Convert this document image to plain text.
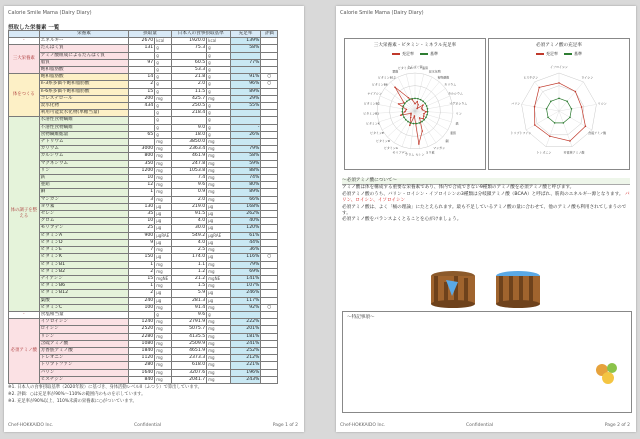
Calorie Smile Mama (Dairy Diary)
摂取した栄養素 一覧
	栄養素	摂取量		日本人の食事摂取基準		充足率	評価
-	エネルギー	2670	kcal	1920.0	kcal	139%	
三大栄養素	たんぱく質	131	g	75.3	g	58%	
	アミノ酸組成によるたんぱく質		g		g		
	脂質	97	g	60.5	g	77%	
	飽和脂肪酸		g	53.3	g		
体をつくる	飽和脂肪酸	14	g	21.8	g	91%	○
	n-3系多価不飽和脂肪酸	2	g	2.0	g	96%	○
	n-6系多価不飽和脂肪酸	15	g	11.5	g	89%	
	コレステロール	200	mg	425.7	mg	29%	
	炭水化物	434	g	250.5	g	55%	
	利用可能炭水化物(単糖当量)		g	218.4	g		
体の調子を整える	水溶性食物繊維		g		g		
	不溶性食物繊維		g	9.0	g	-	
	食物繊維総量	65	g	18.0	g	26%	
	ナトリウム		mg	3850.0	mg		
	カリウム	3000	mg	2363.4	mg	79%	
	カルシウム	800	mg	461.9	mg	58%	
	マグネシウム	350	mg	247.8	mg	59%	
	リン	1200	mg	1053.8	mg	88%	
	鉄	10	mg	7.4	mg	74%	
	亜鉛	12	mg	9.6	mg	80%	
	銅	1	mg	0.9	mg	89%	
	マンガン	3	mg	2.0	mg	66%	
	ヨウ素	130	μg	219.0	μg	168%	
	セレン	35	μg	91.5	μg	262%	
	クロム	10	μg	4.0	μg	40%	
	モリブデン	25	μg	30.0	μg	120%	
	ビタミンA	900	μgRAE	549.2	μgRAE	61%	
	ビタミンD	9	μg	4.0	μg	44%	
	ビタミンE	7	mg	2.5	mg	36%	
	ビタミンK	150	μg	174.0	μg	116%	○
	ビタミンB1	1	mg	1.1	mg	79%	
	ビタミンB2	2	mg	1.2	mg	69%	
	ナイアシン	15	mgNE	21.2	mgNE	141%	
	ビタミンB6	1	mg	1.5	mg	107%	
	ビタミンB12	2	μg	5.9	μg	246%	
	葉酸	240	μg	281.3	μg	117%	
	ビタミンC	100	mg	91.4	mg	92%	○
-	食塩相当量		g	9.6	g		
必須アミノ酸	イソロイシン	1240	mg	2791.9	mg	222%	
	ロイシン	2520	mg	5075.7	mg	201%	
	リシン	2280	mg	4135.5	mg	181%	
	含硫アミノ酸	1080	mg	2509.9	mg	241%	
	芳香族アミノ酸	1840	mg	4651.9	mg	252%	
	トレオニン	1120	mg	2373.3	mg	212%	
	トリプトファン	280	mg	618.0	mg	221%	
	バリン	1640	mg	3207.6	mg	196%	
	ヒスチジン	840	mg	2041.7	mg	243%	
※1. 日本人の食事摂取基準（2020年版）に基づき、身体活動レベルII（ふつう）で算出しています。
※2. 評価：○は充足率が90%〜110%の範囲内のものを示しています。
※3. 充足率が90%以上、110%未満の栄養素に○がついています。
Chef-HOKKAIDO Inc.	Confidential	Page 1 of 2
Calorie Smile Mama (Dairy Diary)
三大栄養素・ビタミン・ミネラル充足率
充足率	基準
たんぱく質 脂質
炭水化物
食物繊維
カリウム
カルシウム
マグネシウム
リン
鉄
亜鉛
銅
マンガン
ヨウ素
セレン
クロム
モリブデン
ビタミンA
ビタミンD
ビタミンE
ビタミンK
ビタミンB1
ビタミンB2
ナイアシン
ビタミンB6
ビタミンB12
葉酸
ビタミンC
必須アミノ酸の充足率
充足率	基準
イソロイシン
ロイシン
リシン
含硫アミノ酸
芳香族アミノ酸
トレオニン
トリプトファン
バリン
ヒスチジン
〜必須アミノ酸について〜
アミノ酸は体を構成する重要な栄養素であり、体内で合成できない9種類のアミノ酸を必須アミノ酸と呼びます。
必須アミノ酸のうち、バリン・ロイシン・イソロイシンの3種類は分岐鎖アミノ酸（BCAA）と呼ばれ、筋肉のエネルギー源となります。 バリン、ロイシン、イソロイシン
必須アミノ酸は、よく「桶の理論」にたとえられます。最も不足しているアミノ酸の量に合わせて、他のアミノ酸も利用されてしまうのです。
必須アミノ酸をバランスよくとることを心がけましょう。
〜特記事項〜
Chef-HOKKAIDO Inc.	Confidential	Page 2 of 2
